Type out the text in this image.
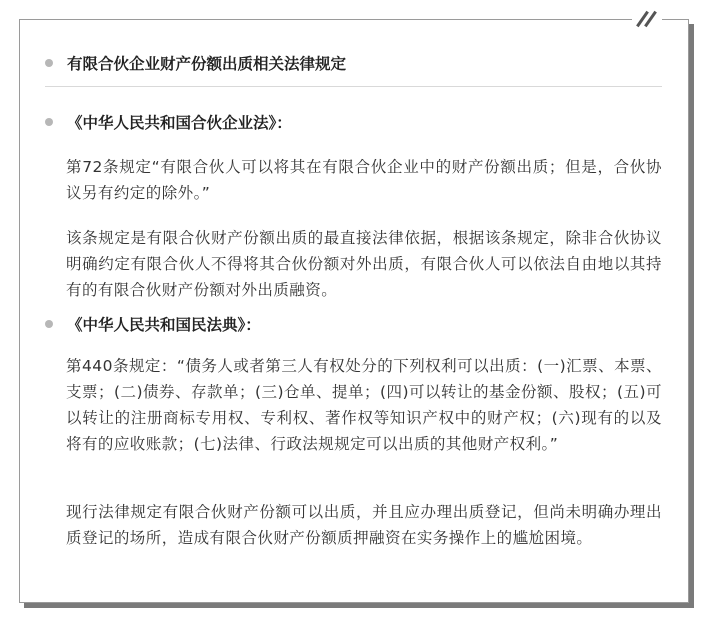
有限合伙企业财产份额出质相关法律规定
《中华人民共和国合伙企业法》：

第72条规定“有限合伙人可以将其在有限合伙企业中的财产份额出质；但是，合伙协议另有约定的除外。”

该条规定是有限合伙财产份额出质的最直接法律依据，根据该条规定，除非合伙协议明确约定有限合伙人不得将其合伙份额对外出质，有限合伙人可以依法自由地以其持有的有限合伙财产份额对外出质融资。

《中华人民共和国民法典》：

第440条规定：“债务人或者第三人有权处分的下列权利可以出质：(一)汇票、本票、支票；(二)债券、存款单；(三)仓单、提单；(四)可以转让的基金份额、股权；(五)可以转让的注册商标专用权、专利权、著作权等知识产权中的财产权；(六)现有的以及将有的应收账款；(七)法律、行政法规规定可以出质的其他财产权利。”

现行法律规定有限合伙财产份额可以出质，并且应办理出质登记，但尚未明确办理出质登记的场所，造成有限合伙财产份额质押融资在实务操作上的尴尬困境。
